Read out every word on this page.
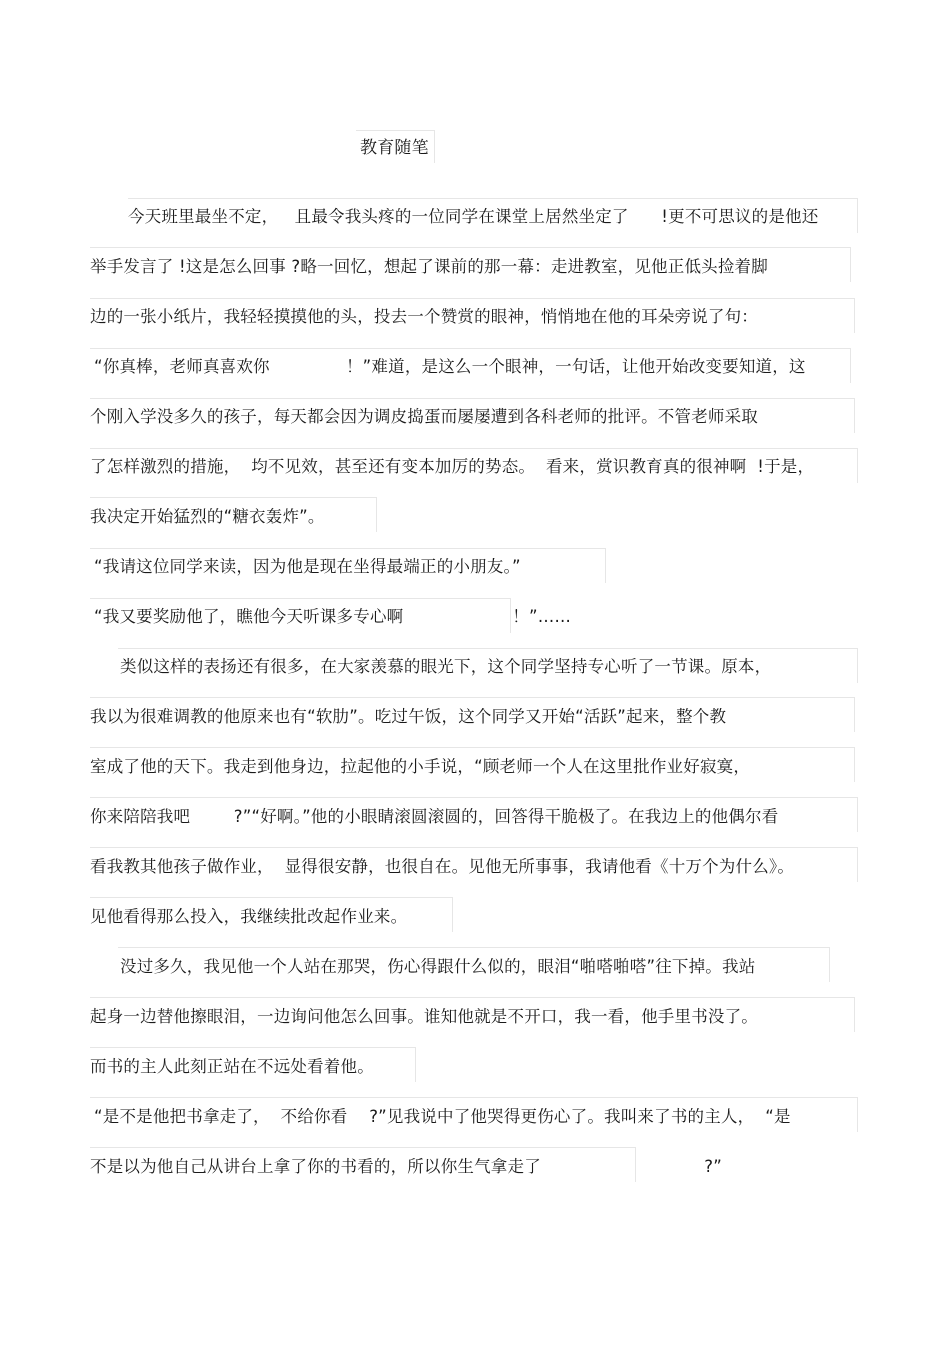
教育随笔
今天班里最坐不定，   且最令我头疼的一位同学在课堂上居然坐定了      !更不可思议的是他还
举手发言了 !这是怎么回事 ?略一回忆，想起了课前的那一幕：走进教室，见他正低头捡着脚
边的一张小纸片，我轻轻摸摸他的头，投去一个赞赏的眼神，悄悄地在他的耳朵旁说了句：
“你真棒，老师真喜欢你              ！”难道，是这么一个眼神，一句话，让他开始改变要知道，这
个刚入学没多久的孩子，每天都会因为调皮捣蛋而屡屡遭到各科老师的批评。不管老师采取
了怎样激烈的措施，  均不见效，甚至还有变本加厉的势态。  看来，赏识教育真的很神啊  !于是，
我决定开始猛烈的“糖衣轰炸”。
“我请这位同学来读，因为他是现在坐得最端正的小朋友。”
“我又要奖励他了，瞧他今天听课多专心啊                    ！”……
类似这样的表扬还有很多，在大家羡慕的眼光下，这个同学坚持专心听了一节课。原本，
我以为很难调教的他原来也有“软肋”。吃过午饭，这个同学又开始“活跃”起来，整个教
室成了他的天下。我走到他身边，拉起他的小手说，“顾老师一个人在这里批作业好寂寞，
你来陪陪我吧        ?”“好啊。”他的小眼睛滚圆滚圆的，回答得干脆极了。在我边上的他偶尔看
看我教其他孩子做作业，  显得很安静，也很自在。见他无所事事，我请他看《十万个为什么》。
见他看得那么投入，我继续批改起作业来。
没过多久，我见他一个人站在那哭，伤心得跟什么似的，眼泪“啪嗒啪嗒”往下掉。我站
起身一边替他擦眼泪，一边询问他怎么回事。谁知他就是不开口，我一看，他手里书没了。
而书的主人此刻正站在不远处看着他。
“是不是他把书拿走了，  不给你看    ?”见我说中了他哭得更伤心了。我叫来了书的主人，  “是
不是以为他自己从讲台上拿了你的书看的，所以你生气拿走了                              ?”
